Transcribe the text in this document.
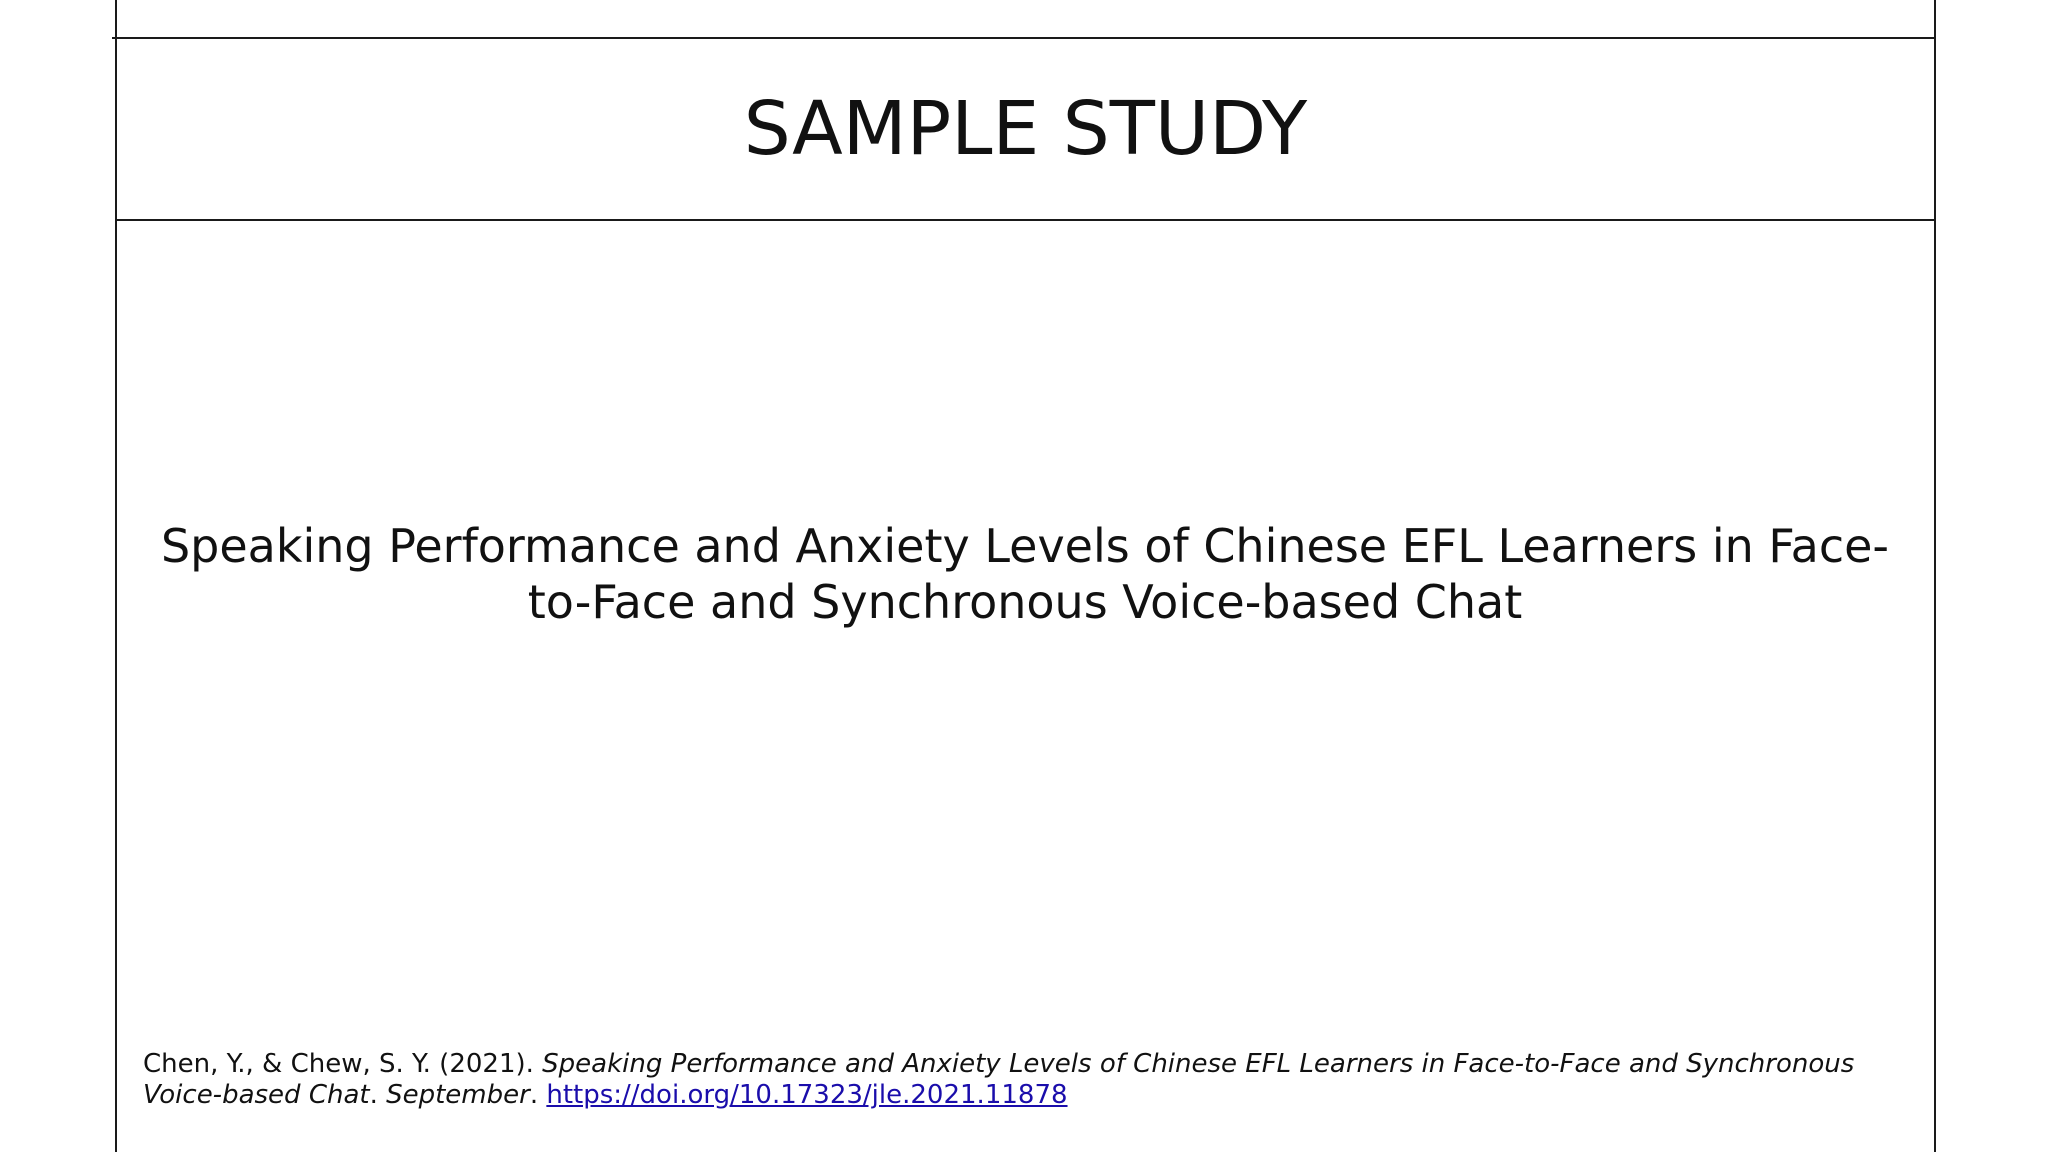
SAMPLE STUDY
Speaking Performance and Anxiety Levels of Chinese EFL Learners in Face-to-Face and Synchronous Voice-based Chat

Chen, Y., & Chew, S. Y. (2021). Speaking Performance and Anxiety Levels of Chinese EFL Learners in Face-to-Face and Synchronous Voice-based Chat. September. https://doi.org/10.17323/jle.2021.11878
